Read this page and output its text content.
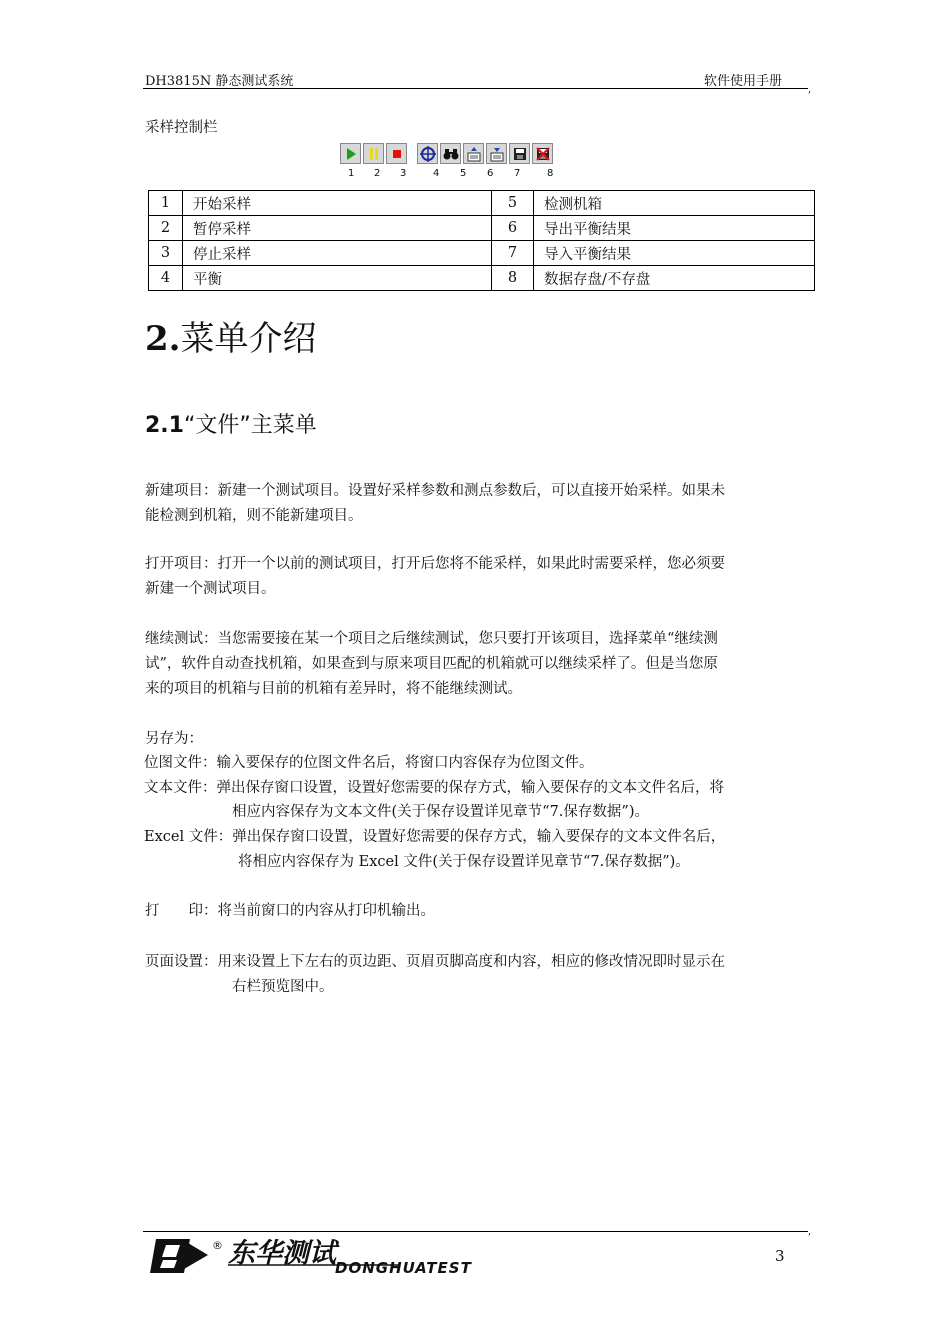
DH3815N 静态测试系统	软件使用手册
,

采样控制栏

1 2 3	4 5 6 7	8
1	开始采样	5	检测机箱
2	暂停采样	6	导出平衡结果
3	停止采样	7	导入平衡结果
4	平衡	8	数据存盘/不存盘
2.菜单介绍
2.1“文件”主菜单

新建项目：新建一个测试项目。设置好采样参数和测点参数后，可以直接开始采样。如果未

能检测到机箱，则不能新建项目。

打开项目：打开一个以前的测试项目，打开后您将不能采样，如果此时需要采样，您必须要

新建一个测试项目。

继续测试：当您需要接在某一个项目之后继续测试，您只要打开该项目，选择菜单“继续测

试”，软件自动查找机箱，如果查到与原来项目匹配的机箱就可以继续采样了。但是当您原

来的项目的机箱与目前的机箱有差异时，将不能继续测试。

另存为：

位图文件：输入要保存的位图文件名后，将窗口内容保存为位图文件。

文本文件：弹出保存窗口设置，设置好您需要的保存方式，输入要保存的文本文件名后，将

相应内容保存为文本文件(关于保存设置详见章节“7.保存数据”)。

Excel 文件：弹出保存窗口设置，设置好您需要的保存方式，输入要保存的文本文件名后，

将相应内容保存为 Excel 文件(关于保存设置详见章节“7.保存数据”)。

打　　印：将当前窗口的内容从打印机输出。

页面设置：用来设置上下左右的页边距、页眉页脚高度和内容，相应的修改情况即时显示在

右栏预览图中。
,
® 东华测试 DONGHUATEST
3
